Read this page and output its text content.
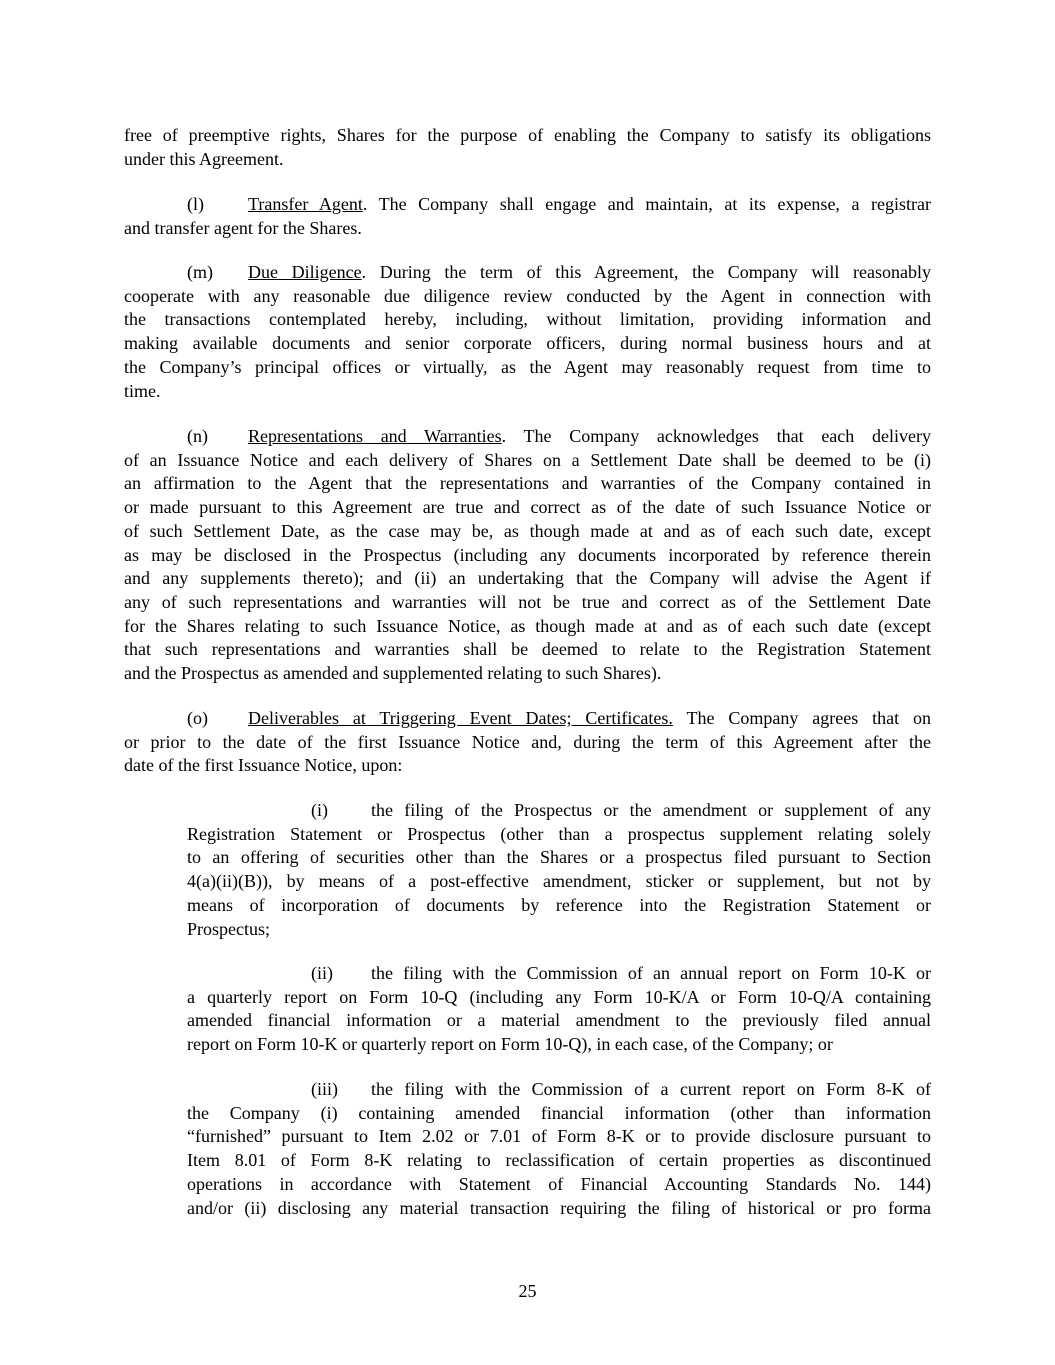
free of preemptive rights, Shares for the purpose of enabling the Company to satisfy its obligations
under this Agreement.
(l) Transfer Agent. The Company shall engage and maintain, at its expense, a registrar
and transfer agent for the Shares.
(m) Due Diligence. During the term of this Agreement, the Company will reasonably
cooperate with any reasonable due diligence review conducted by the Agent in connection with
the transactions contemplated hereby, including, without limitation, providing information and
making available documents and senior corporate officers, during normal business hours and at
the Company’s principal offices or virtually, as the Agent may reasonably request from time to
time.
(n) Representations and Warranties. The Company acknowledges that each delivery
of an Issuance Notice and each delivery of Shares on a Settlement Date shall be deemed to be (i)
an affirmation to the Agent that the representations and warranties of the Company contained in
or made pursuant to this Agreement are true and correct as of the date of such Issuance Notice or
of such Settlement Date, as the case may be, as though made at and as of each such date, except
as may be disclosed in the Prospectus (including any documents incorporated by reference therein
and any supplements thereto); and (ii) an undertaking that the Company will advise the Agent if
any of such representations and warranties will not be true and correct as of the Settlement Date
for the Shares relating to such Issuance Notice, as though made at and as of each such date (except
that such representations and warranties shall be deemed to relate to the Registration Statement
and the Prospectus as amended and supplemented relating to such Shares).
(o) Deliverables at Triggering Event Dates; Certificates. The Company agrees that on
or prior to the date of the first Issuance Notice and, during the term of this Agreement after the
date of the first Issuance Notice, upon:
(i) the filing of the Prospectus or the amendment or supplement of any
Registration Statement or Prospectus (other than a prospectus supplement relating solely
to an offering of securities other than the Shares or a prospectus filed pursuant to Section
4(a)(ii)(B)), by means of a post-effective amendment, sticker or supplement, but not by
means of incorporation of documents by reference into the Registration Statement or
Prospectus;
(ii) the filing with the Commission of an annual report on Form 10-K or
a quarterly report on Form 10-Q (including any Form 10-K/A or Form 10-Q/A containing
amended financial information or a material amendment to the previously filed annual
report on Form 10-K or quarterly report on Form 10-Q), in each case, of the Company; or
(iii) the filing with the Commission of a current report on Form 8-K of
the Company (i) containing amended financial information (other than information
“furnished” pursuant to Item 2.02 or 7.01 of Form 8-K or to provide disclosure pursuant to
Item 8.01 of Form 8-K relating to reclassification of certain properties as discontinued
operations in accordance with Statement of Financial Accounting Standards No. 144)
and/or (ii) disclosing any material transaction requiring the filing of historical or pro forma
25
